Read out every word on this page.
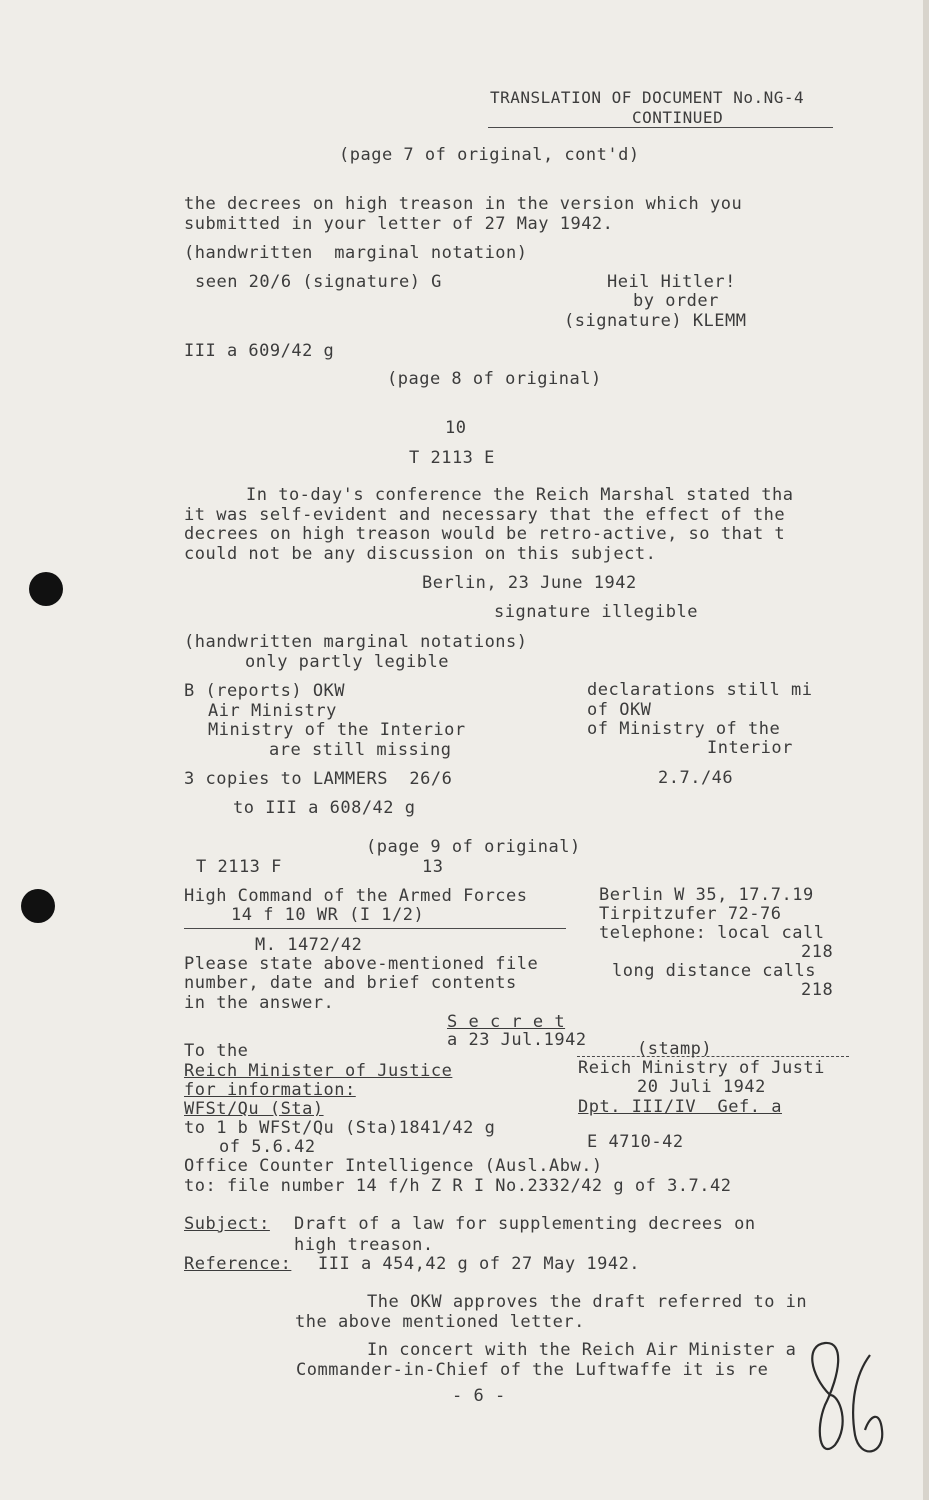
TRANSLATION OF DOCUMENT No.NG-4
CONTINUED
(page 7 of original, cont'd)
the decrees on high treason in the version which you
submitted in your letter of 27 May 1942.
(handwritten  marginal notation)
seen 20/6 (signature) G	Heil Hitler!
by order
(signature) KLEMM
III a 609/42 g
(page 8 of original)
10
T 2113 E
In to-day's conference the Reich Marshal stated tha
it was self-evident and necessary that the effect of the
decrees on high treason would be retro-active, so that t
could not be any discussion on this subject.
Berlin, 23 June 1942
signature illegible
(handwritten marginal notations)
only partly legible
B (reports) OKW
Air Ministry
Ministry of the Interior
are still missing
declarations still mi
of OKW
of Ministry of the
Interior
3 copies to LAMMERS  26/6	2.7./46
to III a 608/42 g
(page 9 of original)
T 2113 F	13
High Command of the Armed Forces
14 f 10 WR (I 1/2)
M. 1472/42
Please state above-mentioned file
number, date and brief contents
in the answer.
Berlin W 35, 17.7.19
Tirpitzufer 72-76
telephone: local call
218
long distance calls
218
S e c r e t
a 23 Jul.1942	(stamp)
Reich Ministry of Justi
20 Juli 1942
Dpt. III/IV  Gef. a
E 4710-42
To the
Reich Minister of Justice
for information:
WFSt/Qu (Sta)
to 1 b WFSt/Qu (Sta)1841/42 g
of 5.6.42
Office Counter Intelligence (Ausl.Abw.)
to: file number 14 f/h Z R I No.2332/42 g of 3.7.42
Subject: Draft of a law for supplementing decrees on
high treason.
Reference: III a 454,42 g of 27 May 1942.
The OKW approves the draft referred to in
the above mentioned letter.
In concert with the Reich Air Minister a
Commander-in-Chief of the Luftwaffe it is re
- 6 -
